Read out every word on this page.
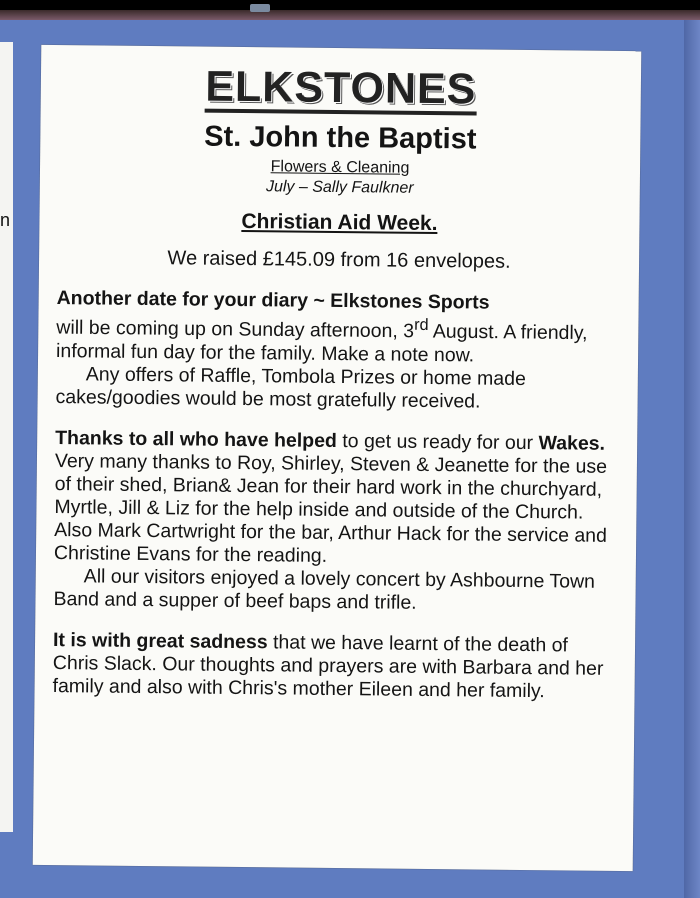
n
ELKSTONES
St. John the Baptist
Flowers & Cleaning
July – Sally Faulkner
Christian Aid Week.
We raised £145.09 from 16 envelopes.

Another date for your diary ~ Elkstones Sports
will be coming up on Sunday afternoon, 3rd August. A friendly, informal fun day for the family. Make a note now.

Any offers of Raffle, Tombola Prizes or home made cakes/goodies would be most gratefully received.

Thanks to all who have helped to get us ready for our Wakes. Very many thanks to Roy, Shirley, Steven & Jeanette for the use of their shed, Brian& Jean for their hard work in the churchyard, Myrtle, Jill & Liz for the help inside and outside of the Church. Also Mark Cartwright for the bar, Arthur Hack for the service and Christine Evans for the reading.

All our visitors enjoyed a lovely concert by Ashbourne Town Band and a supper of beef baps and trifle.

It is with great sadness that we have learnt of the death of Chris Slack. Our thoughts and prayers are with Barbara and her family and also with Chris's mother Eileen and her family.
